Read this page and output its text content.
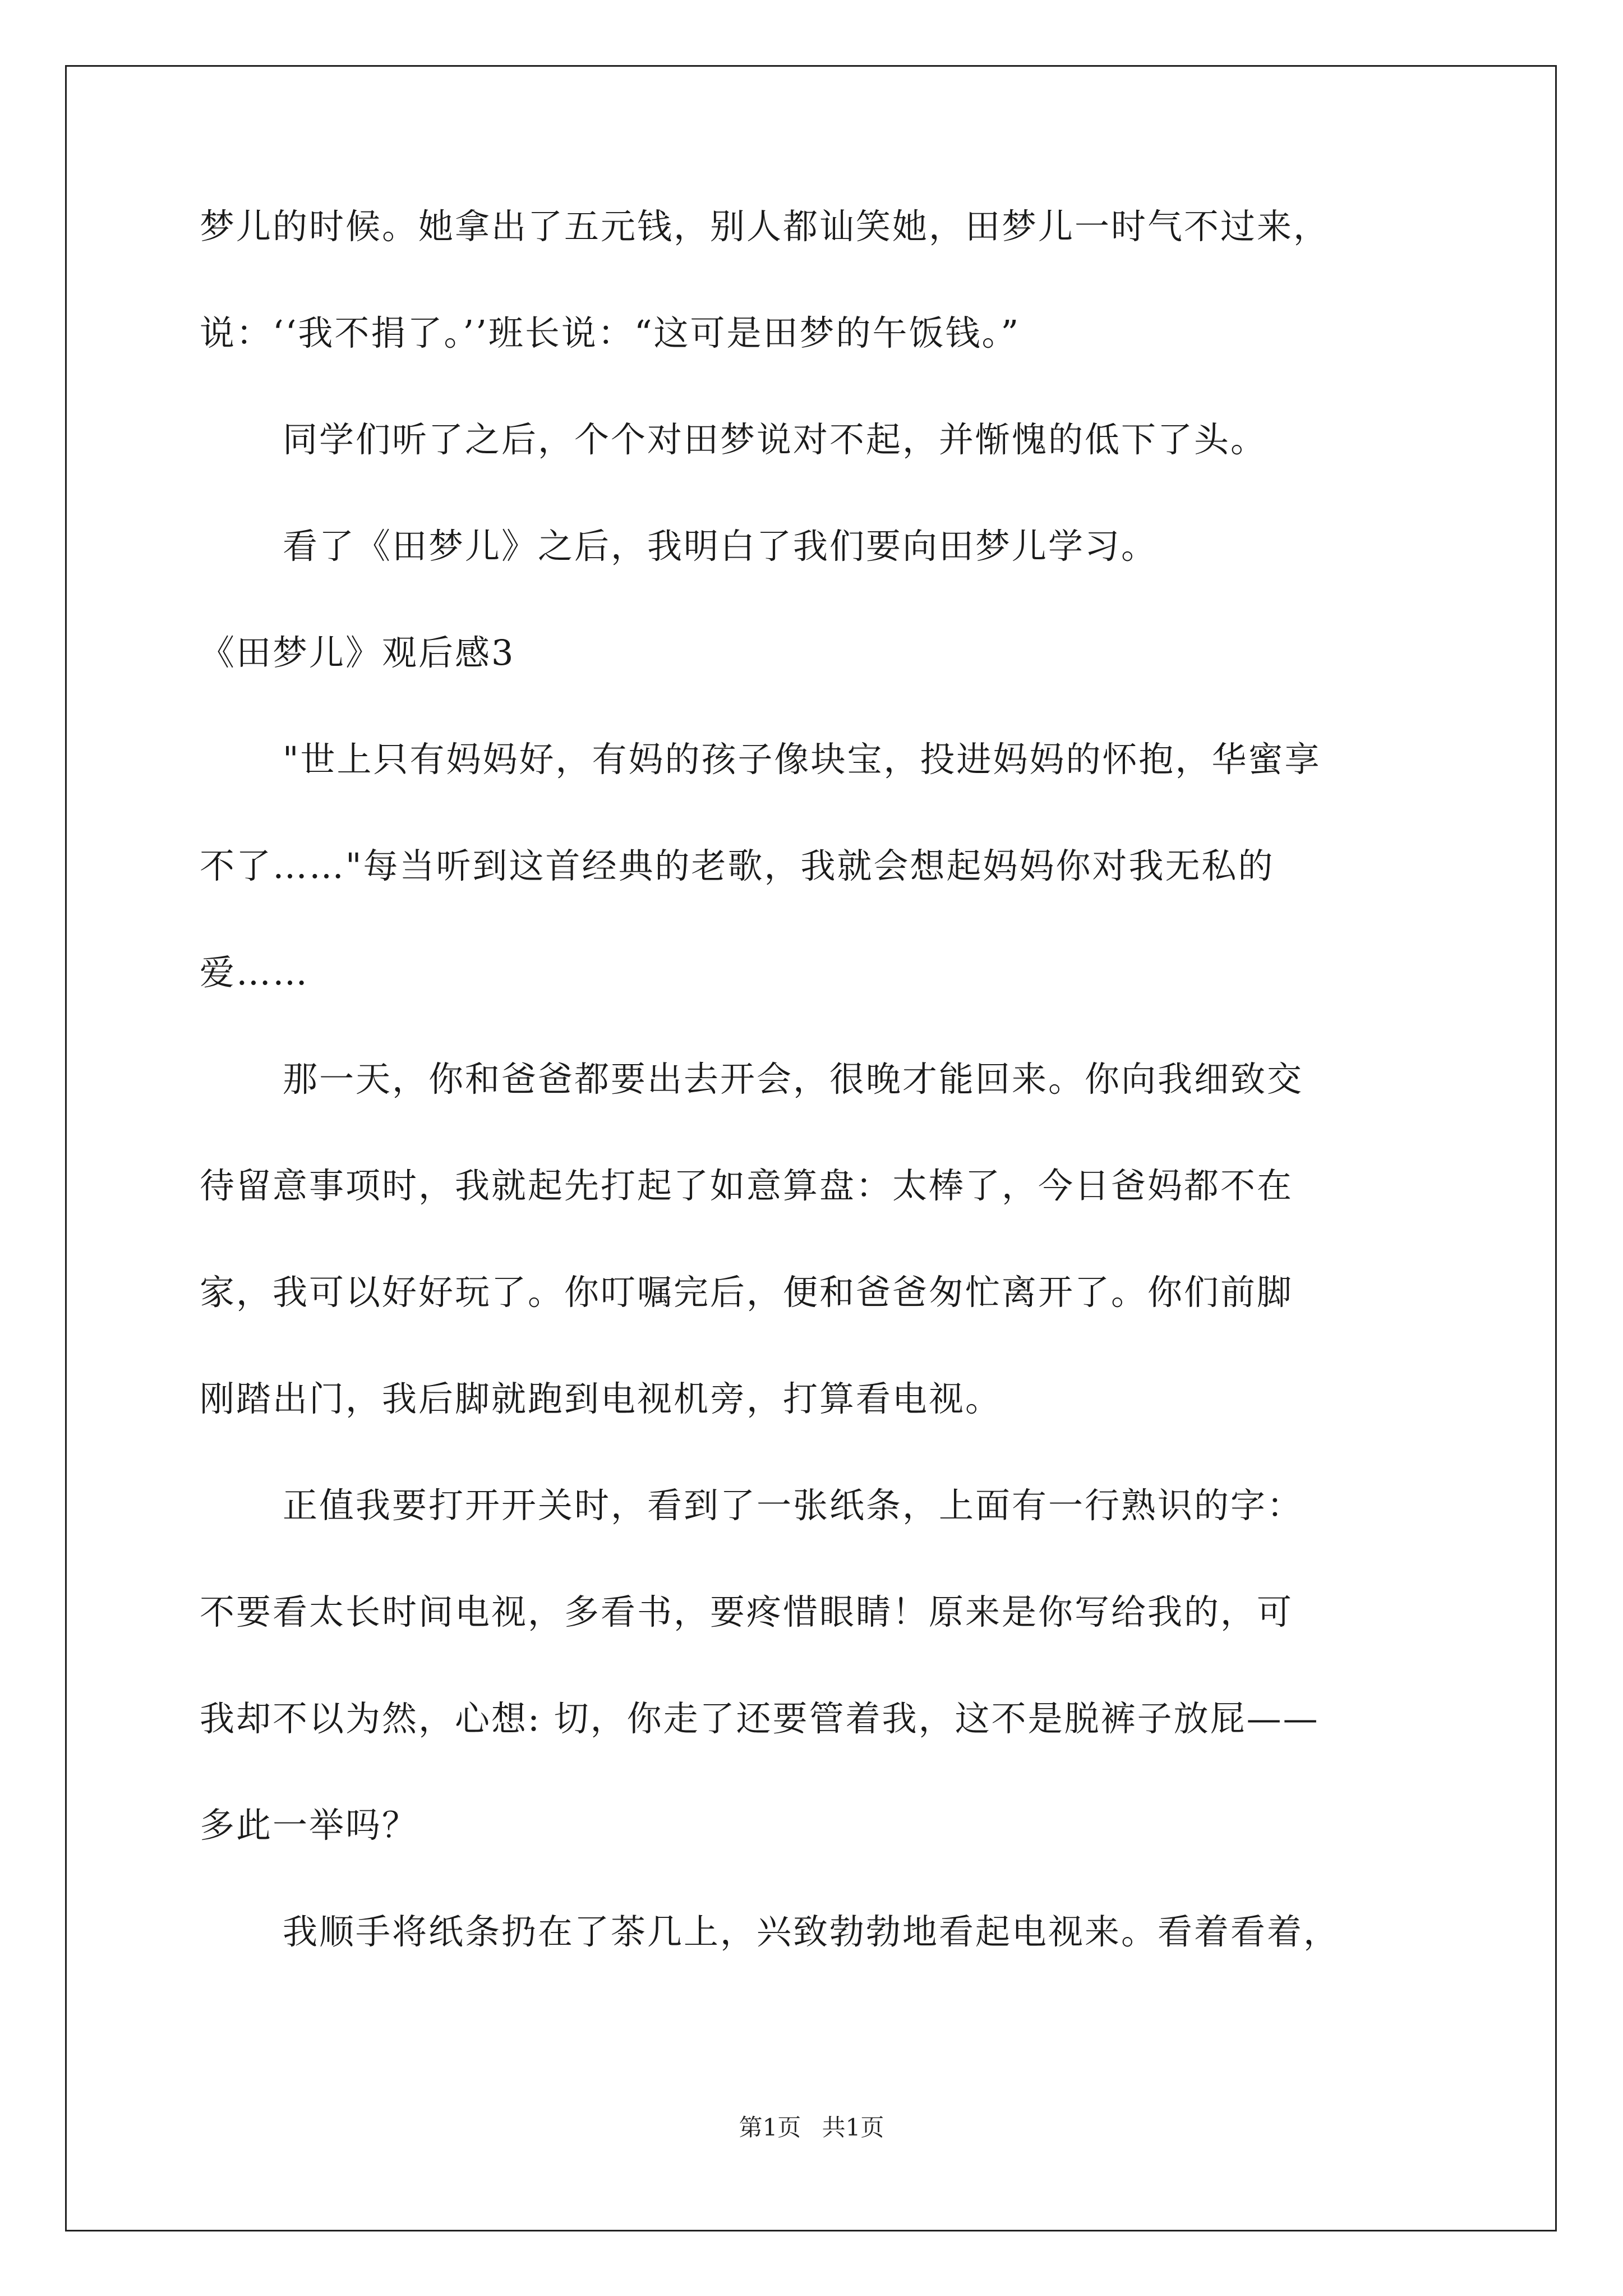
梦儿的时候。她拿出了五元钱，别人都讪笑她，田梦儿一时气不过来，
说：‘‘我不捐了。’’班长说：“这可是田梦的午饭钱。”
同学们听了之后，个个对田梦说对不起，并惭愧的低下了头。
看了《田梦儿》之后，我明白了我们要向田梦儿学习。
《田梦儿》观后感3
"世上只有妈妈好，有妈的孩子像块宝，投进妈妈的怀抱，华蜜享
不了……"每当听到这首经典的老歌，我就会想起妈妈你对我无私的
爱……
那一天，你和爸爸都要出去开会，很晚才能回来。你向我细致交
待留意事项时，我就起先打起了如意算盘：太棒了，今日爸妈都不在
家，我可以好好玩了。你叮嘱完后，便和爸爸匆忙离开了。你们前脚
刚踏出门，我后脚就跑到电视机旁，打算看电视。
正值我要打开开关时，看到了一张纸条，上面有一行熟识的字：
不要看太长时间电视，多看书，要疼惜眼睛！原来是你写给我的，可
我却不以为然，心想: 切，你走了还要管着我，这不是脱裤子放屁——
多此一举吗？
我顺手将纸条扔在了茶几上，兴致勃勃地看起电视来。看着看着，
第1页 共1页
